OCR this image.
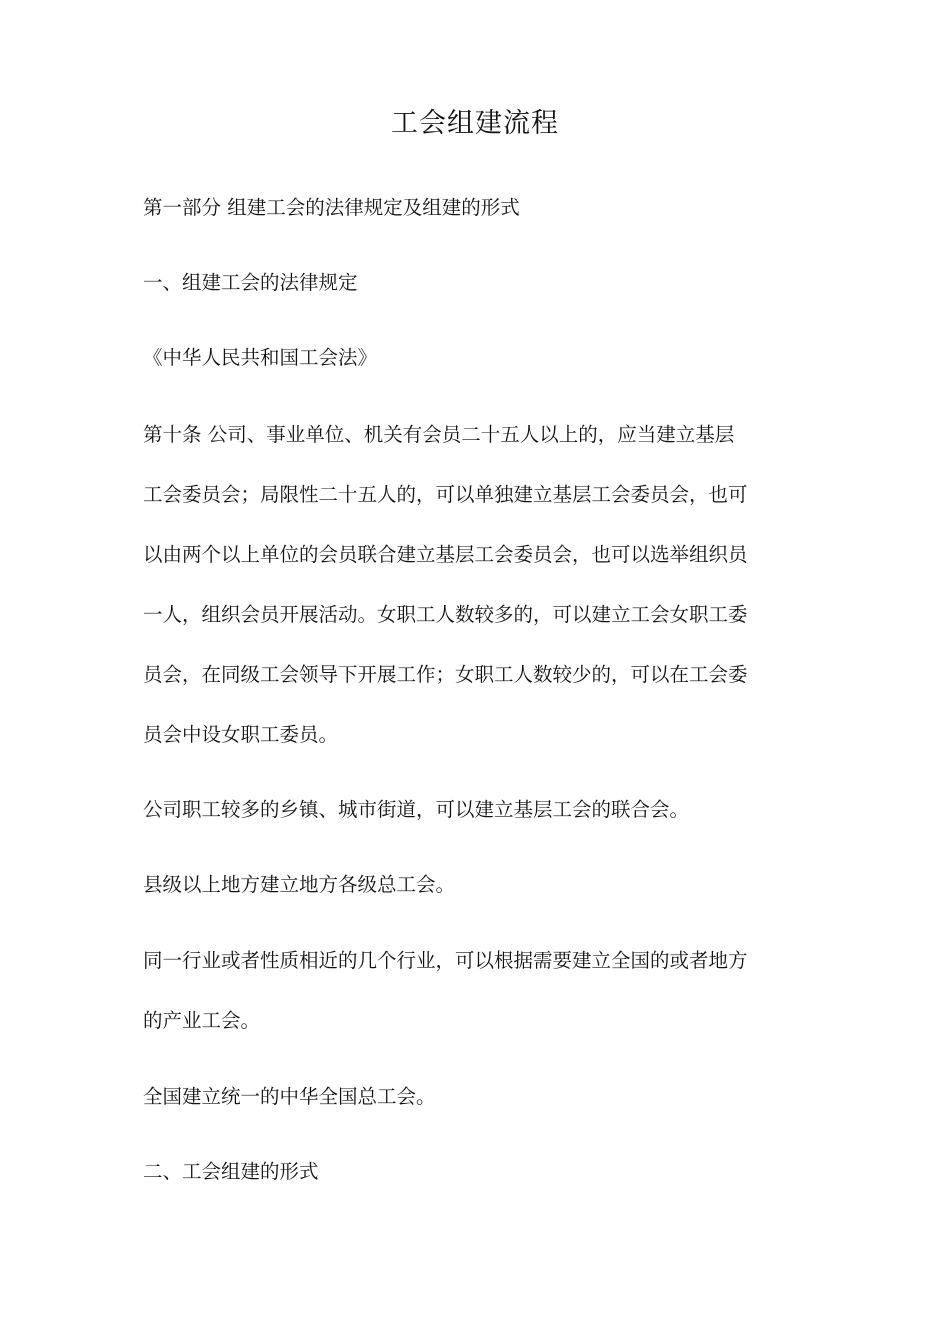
工会组建流程

第一部分 组建工会的法律规定及组建的形式

一、组建工会的法律规定

《中华人民共和国工会法》

第十条 公司、事业单位、机关有会员二十五人以上的，应当建立基层
工会委员会；局限性二十五人的，可以单独建立基层工会委员会，也可
以由两个以上单位的会员联合建立基层工会委员会，也可以选举组织员
一人，组织会员开展活动。女职工人数较多的，可以建立工会女职工委
员会，在同级工会领导下开展工作；女职工人数较少的，可以在工会委
员会中设女职工委员。

公司职工较多的乡镇、城市街道，可以建立基层工会的联合会。

县级以上地方建立地方各级总工会。

同一行业或者性质相近的几个行业，可以根据需要建立全国的或者地方
的产业工会。

全国建立统一的中华全国总工会。

二、工会组建的形式
